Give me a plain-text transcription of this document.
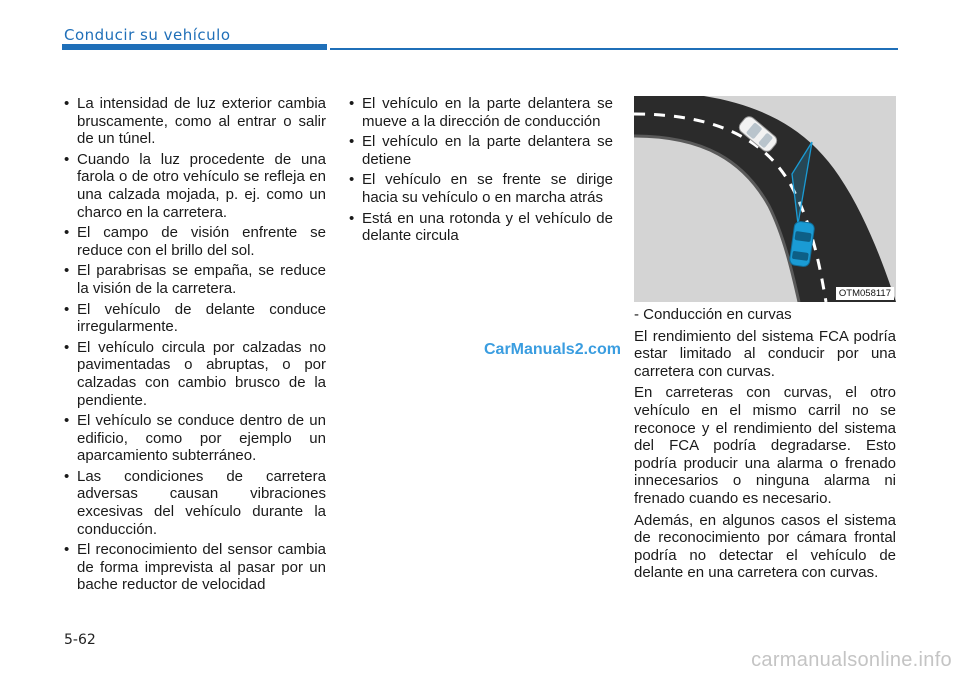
Conducir su vehículo
• La intensidad de luz exterior cambia bruscamente, como al entrar o salir de un túnel.
• Cuando la luz procedente de una farola o de otro vehículo se refleja en una calzada mojada, p. ej. como un charco en la carretera.
• El campo de visión enfrente se reduce con el brillo del sol.
• El parabrisas se empaña, se reduce la visión de la carretera.
• El vehículo de delante conduce irregularmente.
• El vehículo circula por calzadas no pavimentadas o abruptas, o por calzadas con cambio brusco de la pendiente.
• El vehículo se conduce dentro de un edificio, como por ejemplo un aparcamiento subterráneo.
• Las condiciones de carretera adversas causan vibraciones excesivas del vehículo durante la conducción.
• El reconocimiento del sensor cambia de forma imprevista al pasar por un bache reductor de velocidad
• El vehículo en la parte delantera se mueve a la dirección de conducción
• El vehículo en la parte delantera se detiene
• El vehículo en se frente se dirige hacia su vehículo o en marcha atrás
• Está en una rotonda y el vehículo de delante circula
OTM058117

- Conducción en curvas

El rendimiento del sistema FCA podría estar limitado al conducir por una carretera con curvas.

En carreteras con curvas, el otro vehículo en el mismo carril no se reconoce y el rendimiento del sistema del FCA podría degradarse. Esto podría producir una alarma o frenado innecesarios o ninguna alarma ni frenado cuando es necesario.

Además, en algunos casos el sistema de reconocimiento por cámara frontal podría no detectar el vehículo de delante en una carretera con curvas.

CarManuals2.com
5-62
carmanualsonline.info
